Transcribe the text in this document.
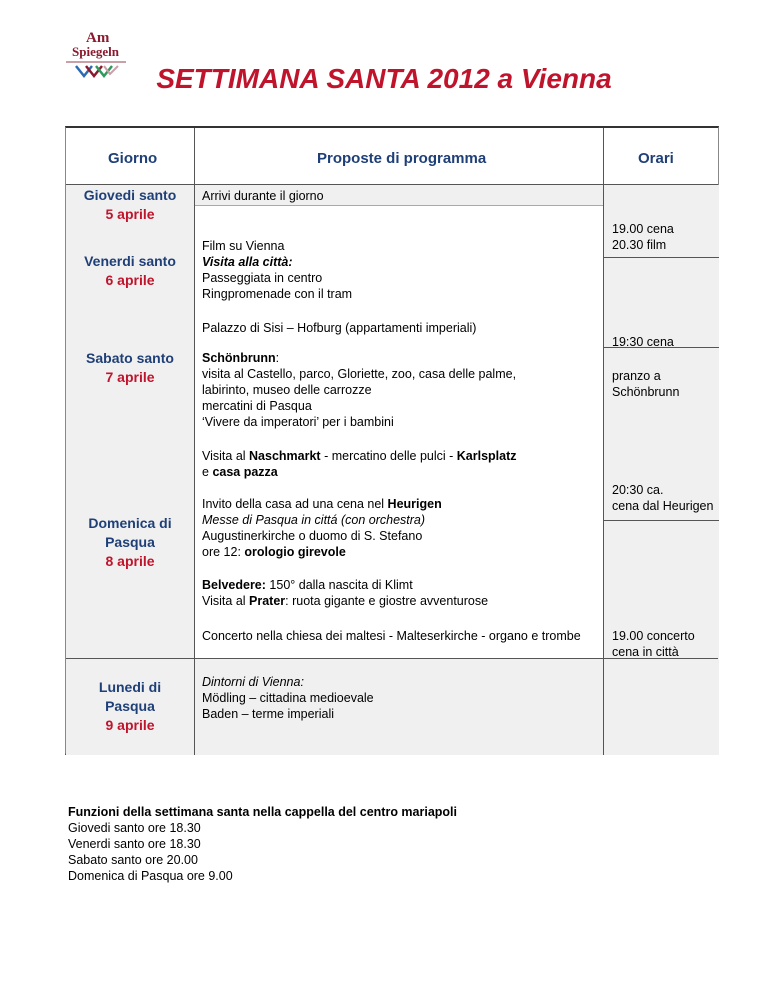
Am
Spiegeln
SETTIMANA SANTA 2012 a Vienna
Giorno	Proposte di programma	Orari
Giovedi santo
5 aprile
Venerdi santo
6 aprile
Sabato santo
7 aprile
Domenica di
Pasqua
8 aprile
Lunedi di
Pasqua
9 aprile
Arrivi durante il giorno
Film su Vienna
Visita alla città:
Passeggiata in centro
Ringpromenade con il tram
Palazzo di Sisi – Hofburg (appartamenti imperiali)
Schönbrunn:
visita al Castello, parco, Gloriette, zoo, casa delle palme,
labirinto, museo delle carrozze
mercatini di Pasqua
‘Vivere da imperatori’ per i bambini
Visita al Naschmarkt - mercatino delle pulci - Karlsplatz
e casa pazza
Invito della casa ad una cena nel Heurigen
Messe di Pasqua in cittá (con orchestra)
Augustinerkirche o duomo di S. Stefano
ore 12: orologio girevole
Belvedere: 150° dalla nascita di Klimt
Visita al Prater: ruota gigante e giostre avventurose
Concerto nella chiesa dei maltesi - Malteserkirche - organo e trombe
Dintorni di Vienna:
Mödling – cittadina medioevale
Baden – terme imperiali
19.00 cena
20.30 film
19:30 cena
pranzo a
Schönbrunn
20:30 ca.
cena dal Heurigen
19.00 concerto
cena in città
Funzioni della settimana santa nella cappella del centro mariapoli
Giovedi santo ore 18.30
Venerdi santo ore 18.30
Sabato santo ore 20.00
Domenica di Pasqua ore 9.00
